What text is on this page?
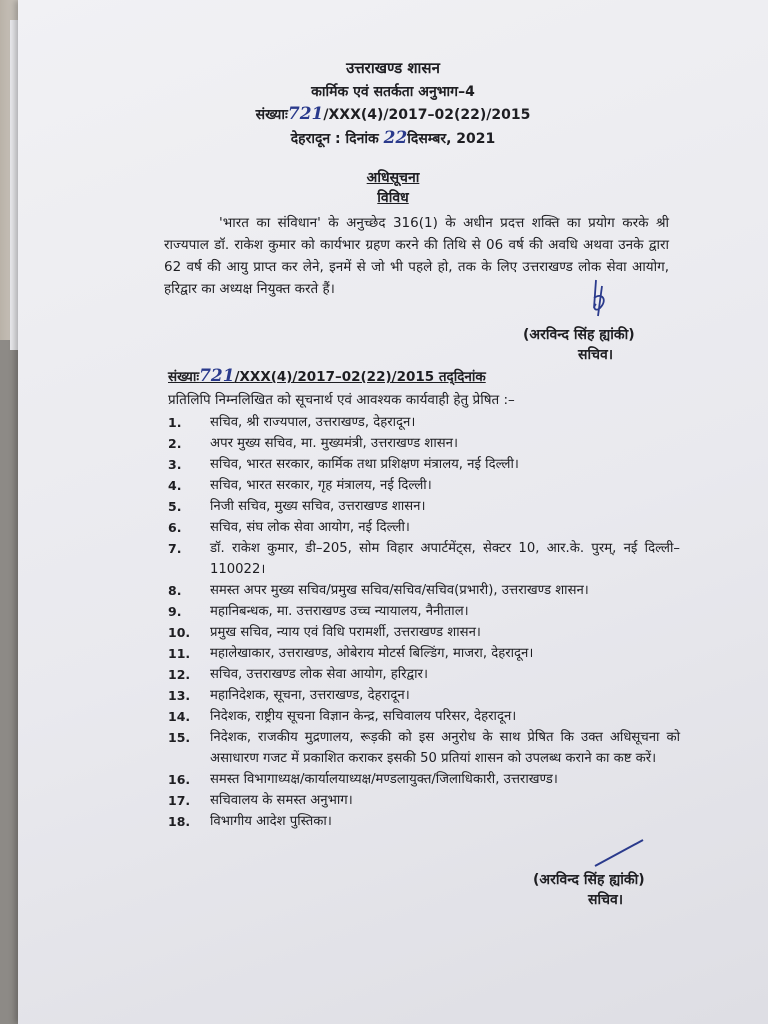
उत्तराखण्ड शासन
कार्मिक एवं सतर्कता अनुभाग–4
संख्याः721/XXX(4)/2017–02(22)/2015
देहरादून : दिनांक 22दिसम्बर, 2021
अधिसूचना
विविध
'भारत का संविधान' के अनुच्छेद 316(1) के अधीन प्रदत्त शक्ति का प्रयोग करके श्री राज्यपाल डॉ. राकेश कुमार को कार्यभार ग्रहण करने की तिथि से 06 वर्ष की अवधि अथवा उनके द्वारा 62 वर्ष की आयु प्राप्त कर लेने, इनमें से जो भी पहले हो, तक के लिए उत्तराखण्ड लोक सेवा आयोग, हरिद्वार का अध्यक्ष नियुक्त करते हैं।
(अरविन्द सिंह ह्यांकी)
सचिव।
संख्याः721/XXX(4)/2017–02(22)/2015 तद्‌दिनांक
प्रतिलिपि निम्नलिखित को सूचनार्थ एवं आवश्यक कार्यवाही हेतु प्रेषित :–
1. सचिव, श्री राज्यपाल, उत्तराखण्ड, देहरादून।
2. अपर मुख्य सचिव, मा. मुख्यमंत्री, उत्तराखण्ड शासन।
3. सचिव, भारत सरकार, कार्मिक तथा प्रशिक्षण मंत्रालय, नई दिल्ली।
4. सचिव, भारत सरकार, गृह मंत्रालय, नई दिल्ली।
5. निजी सचिव, मुख्य सचिव, उत्तराखण्ड शासन।
6. सचिव, संघ लोक सेवा आयोग, नई दिल्ली।
7. डॉ. राकेश कुमार, डी–205, सोम विहार अपार्टमेंट्स, सेक्टर 10, आर.के. पुरम्, नई दिल्ली–110022।
8. समस्त अपर मुख्य सचिव/प्रमुख सचिव/सचिव/सचिव(प्रभारी), उत्तराखण्ड शासन।
9. महानिबन्धक, मा. उत्तराखण्ड उच्च न्यायालय, नैनीताल।
10. प्रमुख सचिव, न्याय एवं विधि परामर्शी, उत्तराखण्ड शासन।
11. महालेखाकार, उत्तराखण्ड, ओबेराय मोटर्स बिल्डिंग, माजरा, देहरादून।
12. सचिव, उत्तराखण्ड लोक सेवा आयोग, हरिद्वार।
13. महानिदेशक, सूचना, उत्तराखण्ड, देहरादून।
14. निदेशक, राष्ट्रीय सूचना विज्ञान केन्द्र, सचिवालय परिसर, देहरादून।
15. निदेशक, राजकीय मुद्रणालय, रूड़की को इस अनुरोध के साथ प्रेषित कि उक्त अधिसूचना को असाधारण गजट में प्रकाशित कराकर इसकी 50 प्रतियां शासन को उपलब्ध कराने का कष्ट करें।
16. समस्त विभागाध्यक्ष/कार्यालयाध्यक्ष/मण्डलायुक्त/जिलाधिकारी, उत्तराखण्ड।
17. सचिवालय के समस्त अनुभाग।
18. विभागीय आदेश पुस्तिका।
(अरविन्द सिंह ह्यांकी)
सचिव।
